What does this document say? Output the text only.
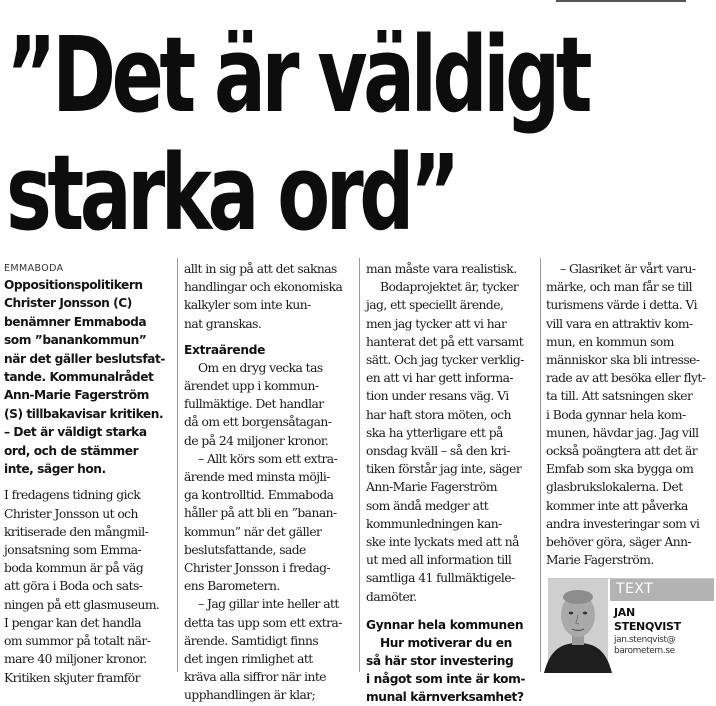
”Det är väldigt
starka ord”
EMMABODA
Oppositionspolitikern
Christer Jonsson (C)
benämner Emmaboda
som ”banankommun”
när det gäller beslutsfat-
tande. Kommunalrådet
Ann-Marie Fagerström
(S) tillbakavisar kritiken.
– Det är väldigt starka
ord, och de stämmer
inte, säger hon.
I fredagens tidning gick
Christer Jonsson ut och
kritiserade den mångmil-
jonsatsning som Emma-
boda kommun är på väg
att göra i Boda och sats-
ningen på ett glasmuseum.
I pengar kan det handla
om summor på totalt när-
mare 40 miljoner kronor.
Kritiken skjuter framför
allt in sig på att det saknas
handlingar och ekonomiska
kalkyler som inte kun-
nat granskas.
Extraärende
Om en dryg vecka tas
ärendet upp i kommun-
fullmäktige. Det handlar
då om ett borgensåtagan-
de på 24 miljoner kronor.
– Allt körs som ett extra-
ärende med minsta möjli-
ga kontrolltid. Emmaboda
håller på att bli en ”banan-
kommun” när det gäller
beslutsfattande, sade
Christer Jonsson i fredag-
ens Barometern.
– Jag gillar inte heller att
detta tas upp som ett extra-
ärende. Samtidigt finns
det ingen rimlighet att
kräva alla siffror när inte
upphandlingen är klar;
man måste vara realistisk.
Bodaprojektet är, tycker
jag, ett speciellt ärende,
men jag tycker att vi har
hanterat det på ett varsamt
sätt. Och jag tycker verklig-
en att vi har gett informa-
tion under resans väg. Vi
har haft stora möten, och
ska ha ytterligare ett på
onsdag kväll – så den kri-
tiken förstår jag inte, säger
Ann-Marie Fagerström
som ändå medger att
kommunledningen kan-
ske inte lyckats med att nå
ut med all information till
samtliga 41 fullmäktigele-
damöter.
Gynnar hela kommunen
Hur motiverar du en
så här stor investering
i något som inte är kom-
munal kärnverksamhet?
– Glasriket är vårt varu-
märke, och man får se till
turismens värde i detta. Vi
vill vara en attraktiv kom-
mun, en kommun som
människor ska bli intresse-
rade av att besöka eller flyt-
ta till. Att satsningen sker
i Boda gynnar hela kom-
munen, hävdar jag. Jag vill
också poängtera att det är
Emfab som ska bygga om
glasbrukslokalerna. Det
kommer inte att påverka
andra investeringar som vi
behöver göra, säger Ann-
Marie Fagerström.
TEXT
JAN
STENQVIST
jan.stenqvist@
barometern.se
